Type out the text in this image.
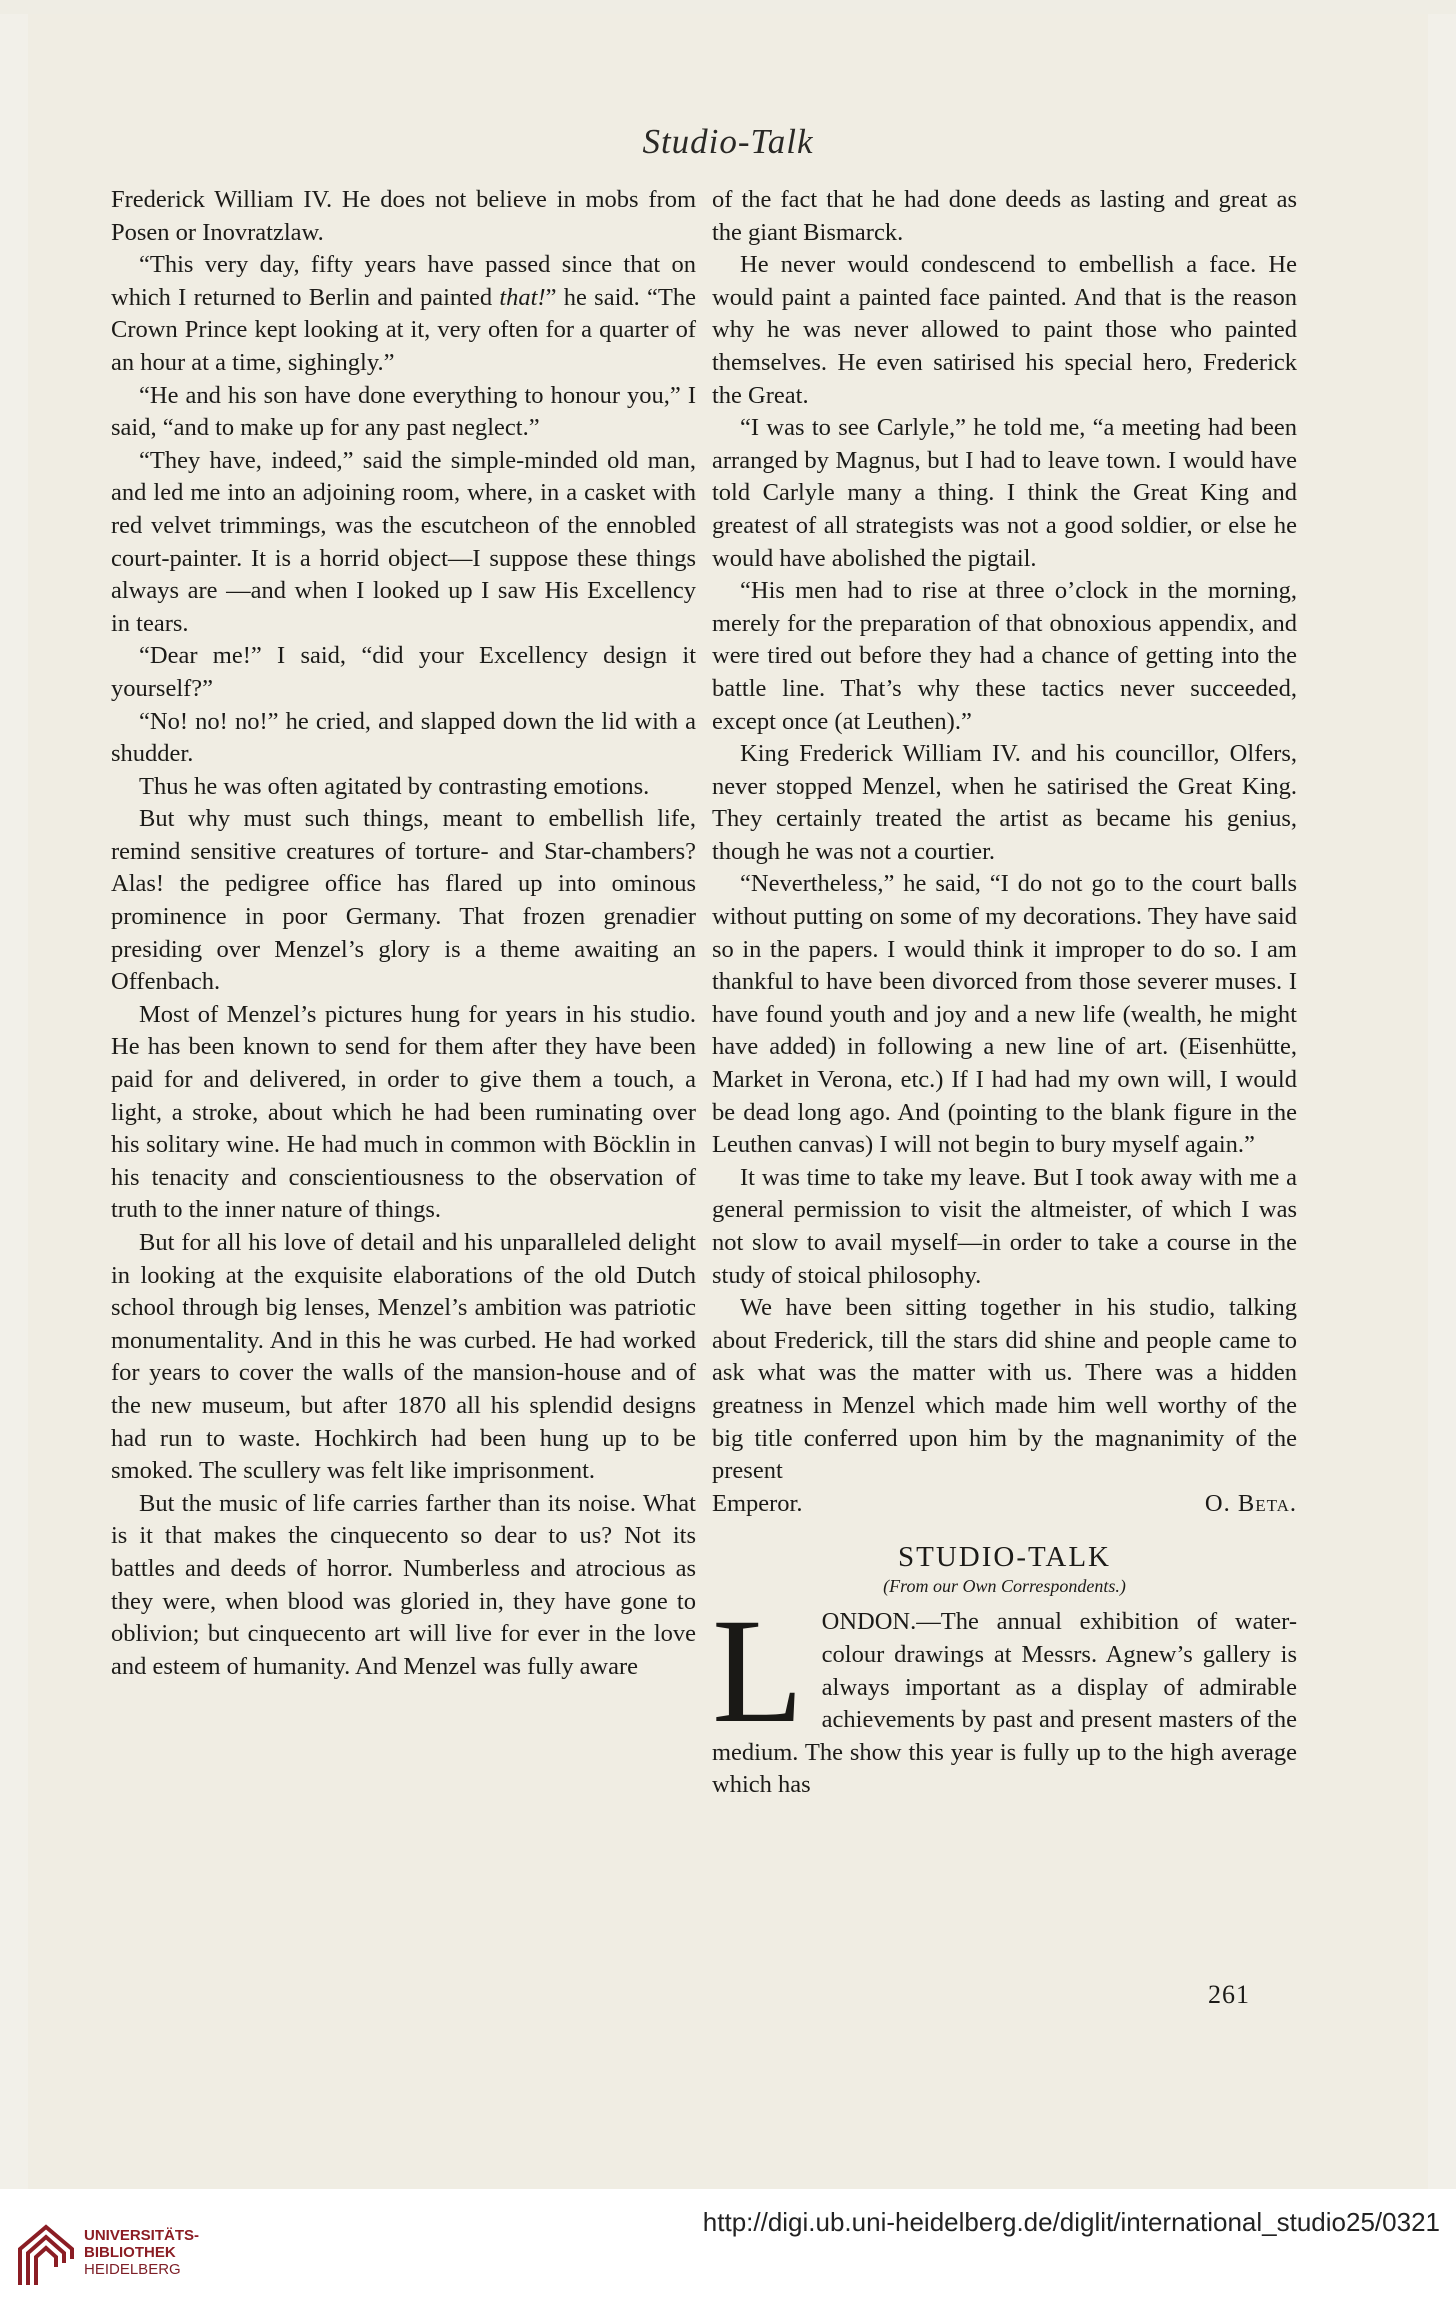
Studio-Talk

Frederick William IV. He does not believe in mobs from Posen or Inovratzlaw.

“This very day, fifty years have passed since that on which I returned to Berlin and painted that!” he said. “The Crown Prince kept looking at it, very often for a quarter of an hour at a time, sighingly.”

“He and his son have done everything to honour you,” I said, “and to make up for any past neglect.”

“They have, indeed,” said the simple-minded old man, and led me into an adjoining room, where, in a casket with red velvet trimmings, was the escutcheon of the ennobled court-painter. It is a horrid object—I suppose these things always are —and when I looked up I saw His Excellency in tears.

“Dear me!” I said, “did your Excellency design it yourself?”

“No! no! no!” he cried, and slapped down the lid with a shudder.

Thus he was often agitated by contrasting emotions.

But why must such things, meant to embellish life, remind sensitive creatures of torture- and Star-chambers? Alas! the pedigree office has flared up into ominous prominence in poor Germany. That frozen grenadier presiding over Menzel’s glory is a theme awaiting an Offenbach.

Most of Menzel’s pictures hung for years in his studio. He has been known to send for them after they have been paid for and delivered, in order to give them a touch, a light, a stroke, about which he had been ruminating over his solitary wine. He had much in common with Böcklin in his tenacity and conscientiousness to the observation of truth to the inner nature of things.

But for all his love of detail and his unparalleled delight in looking at the exquisite elaborations of the old Dutch school through big lenses, Menzel’s ambition was patriotic monumentality. And in this he was curbed. He had worked for years to cover the walls of the mansion-house and of the new museum, but after 1870 all his splendid designs had run to waste. Hochkirch had been hung up to be smoked. The scullery was felt like imprisonment.

But the music of life carries farther than its noise. What is it that makes the cinquecento so dear to us? Not its battles and deeds of horror. Numberless and atrocious as they were, when blood was gloried in, they have gone to oblivion; but cinquecento art will live for ever in the love and esteem of humanity. And Menzel was fully aware

of the fact that he had done deeds as lasting and great as the giant Bismarck.

He never would condescend to embellish a face. He would paint a painted face painted. And that is the reason why he was never allowed to paint those who painted themselves. He even satirised his special hero, Frederick the Great.

“I was to see Carlyle,” he told me, “a meeting had been arranged by Magnus, but I had to leave town. I would have told Carlyle many a thing. I think the Great King and greatest of all strategists was not a good soldier, or else he would have abolished the pigtail.

“His men had to rise at three o’clock in the morning, merely for the preparation of that obnoxious appendix, and were tired out before they had a chance of getting into the battle line. That’s why these tactics never succeeded, except once (at Leuthen).”

King Frederick William IV. and his councillor, Olfers, never stopped Menzel, when he satirised the Great King. They certainly treated the artist as became his genius, though he was not a courtier.

“Nevertheless,” he said, “I do not go to the court balls without putting on some of my decorations. They have said so in the papers. I would think it improper to do so. I am thankful to have been divorced from those severer muses. I have found youth and joy and a new life (wealth, he might have added) in following a new line of art. (Eisenhütte, Market in Verona, etc.) If I had had my own will, I would be dead long ago. And (pointing to the blank figure in the Leuthen canvas) I will not begin to bury myself again.”

It was time to take my leave. But I took away with me a general permission to visit the altmeister, of which I was not slow to avail myself—in order to take a course in the study of stoical philosophy.

We have been sitting together in his studio, talking about Frederick, till the stars did shine and people came to ask what was the matter with us. There was a hidden greatness in Menzel which made him well worthy of the big title conferred upon him by the magnanimity of the present

Emperor.	O. Beta.
STUDIO-TALK
(From our Own Correspondents.)

LONDON.—The annual exhibition of water-colour drawings at Messrs. Agnew’s gallery is always important as a display of admirable achievements by past and present masters of the medium. The show this year is fully up to the high average which has

261
UNIVERSITÄTS-
BIBLIOTHEK
HEIDELBERG
http://digi.ub.uni-heidelberg.de/diglit/international_studio25/0321
